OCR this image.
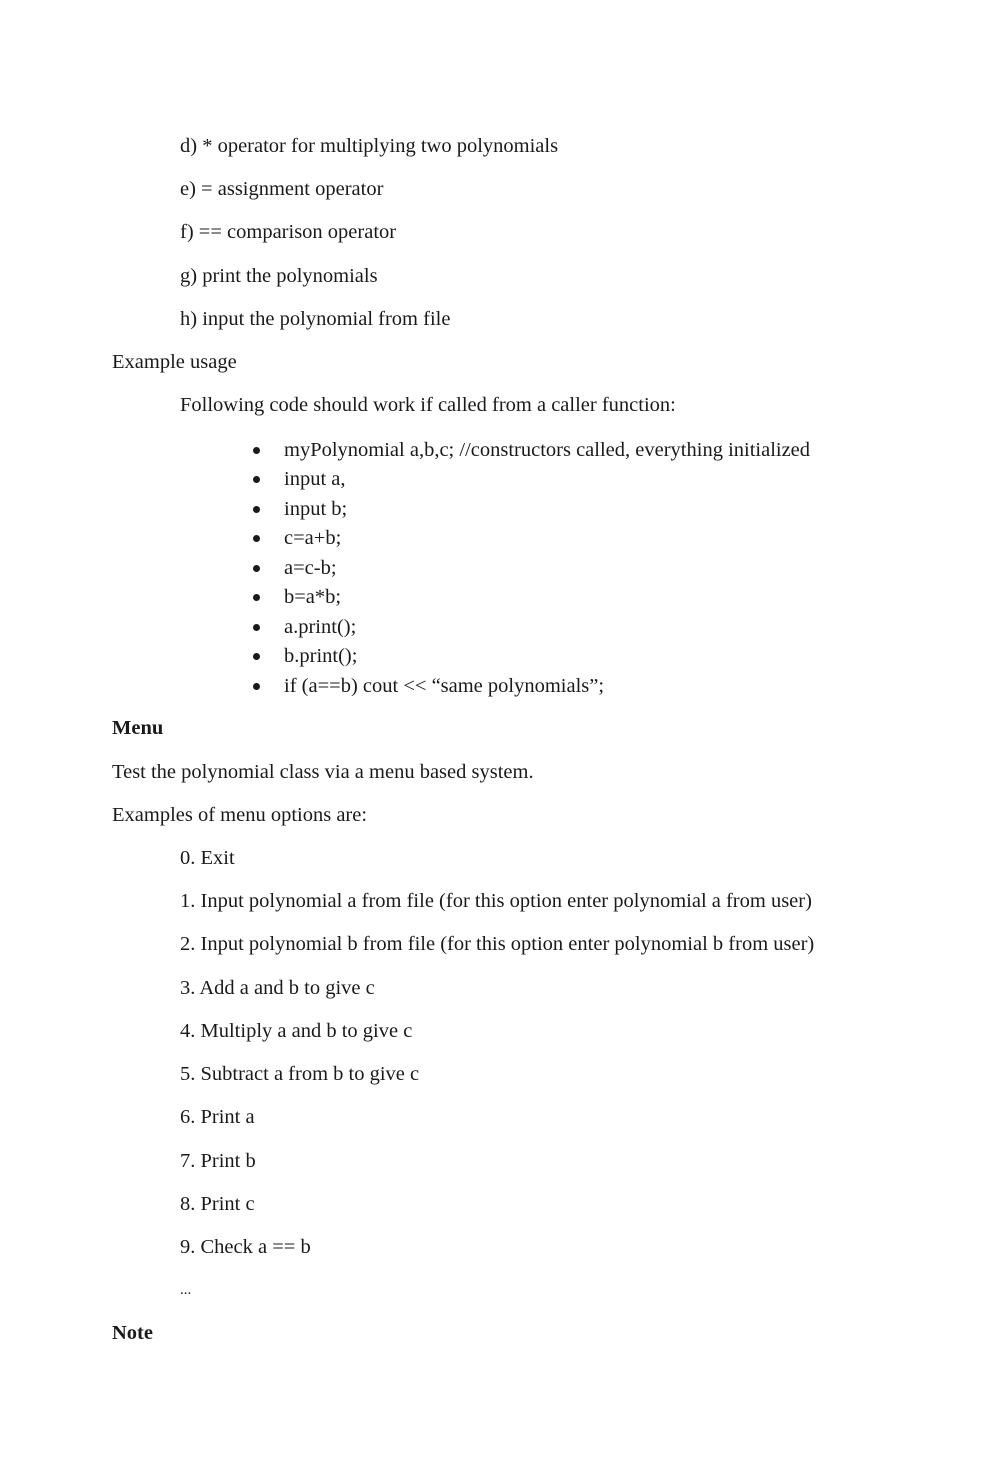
d) * operator for multiplying two polynomials
e) = assignment operator
f) == comparison operator
g) print the polynomials
h) input the polynomial from file
Example usage
Following code should work if called from a caller function:
myPolynomial a,b,c; //constructors called, everything initialized
input a,
input b;
c=a+b;
a=c-b;
b=a*b;
a.print();
b.print();
if (a==b) cout << “same polynomials”;
Menu
Test the polynomial class via a menu based system.
Examples of menu options are:
0. Exit
1. Input polynomial a from file (for this option enter polynomial a from user)
2. Input polynomial b from file (for this option enter polynomial b from user)
3. Add a and b to give c
4. Multiply a and b to give c
5. Subtract a from b to give c
6. Print a
7. Print b
8. Print c
9. Check a == b
...
Note
